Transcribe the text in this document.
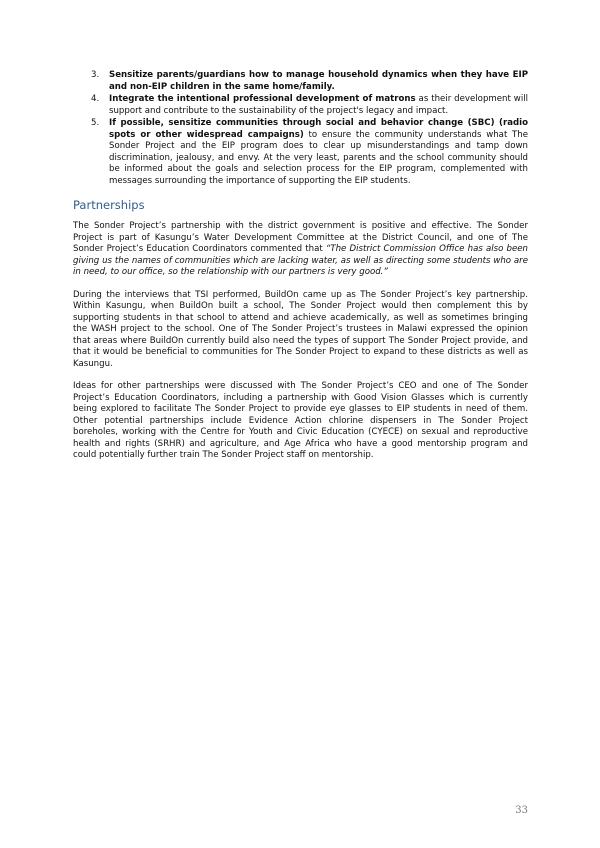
3. Sensitize parents/guardians how to manage household dynamics when they have EIP and non-EIP children in the same home/family.
4. Integrate the intentional professional development of matrons as their development will support and contribute to the sustainability of the project's legacy and impact.
5. If possible, sensitize communities through social and behavior change (SBC) (radio spots or other widespread campaigns) to ensure the community understands what The Sonder Project and the EIP program does to clear up misunderstandings and tamp down discrimination, jealousy, and envy. At the very least, parents and the school community should be informed about the goals and selection process for the EIP program, complemented with messages surrounding the importance of supporting the EIP students.
Partnerships

The Sonder Project’s partnership with the district government is positive and effective. The Sonder Project is part of Kasungu’s Water Development Committee at the District Council, and one of The Sonder Project’s Education Coordinators commented that “The District Commission Office has also been giving us the names of communities which are lacking water, as well as directing some students who are in need, to our office, so the relationship with our partners is very good.”

During the interviews that TSI performed, BuildOn came up as The Sonder Project’s key partnership. Within Kasungu, when BuildOn built a school, The Sonder Project would then complement this by supporting students in that school to attend and achieve academically, as well as sometimes bringing the WASH project to the school. One of The Sonder Project’s trustees in Malawi expressed the opinion that areas where BuildOn currently build also need the types of support The Sonder Project provide, and that it would be beneficial to communities for The Sonder Project to expand to these districts as well as Kasungu.

Ideas for other partnerships were discussed with The Sonder Project’s CEO and one of The Sonder Project’s Education Coordinators, including a partnership with Good Vision Glasses which is currently being explored to facilitate The Sonder Project to provide eye glasses to EIP students in need of them. Other potential partnerships include Evidence Action chlorine dispensers in The Sonder Project boreholes, working with the Centre for Youth and Civic Education (CYECE) on sexual and reproductive health and rights (SRHR) and agriculture, and Age Africa who have a good mentorship program and could potentially further train The Sonder Project staff on mentorship.

33
